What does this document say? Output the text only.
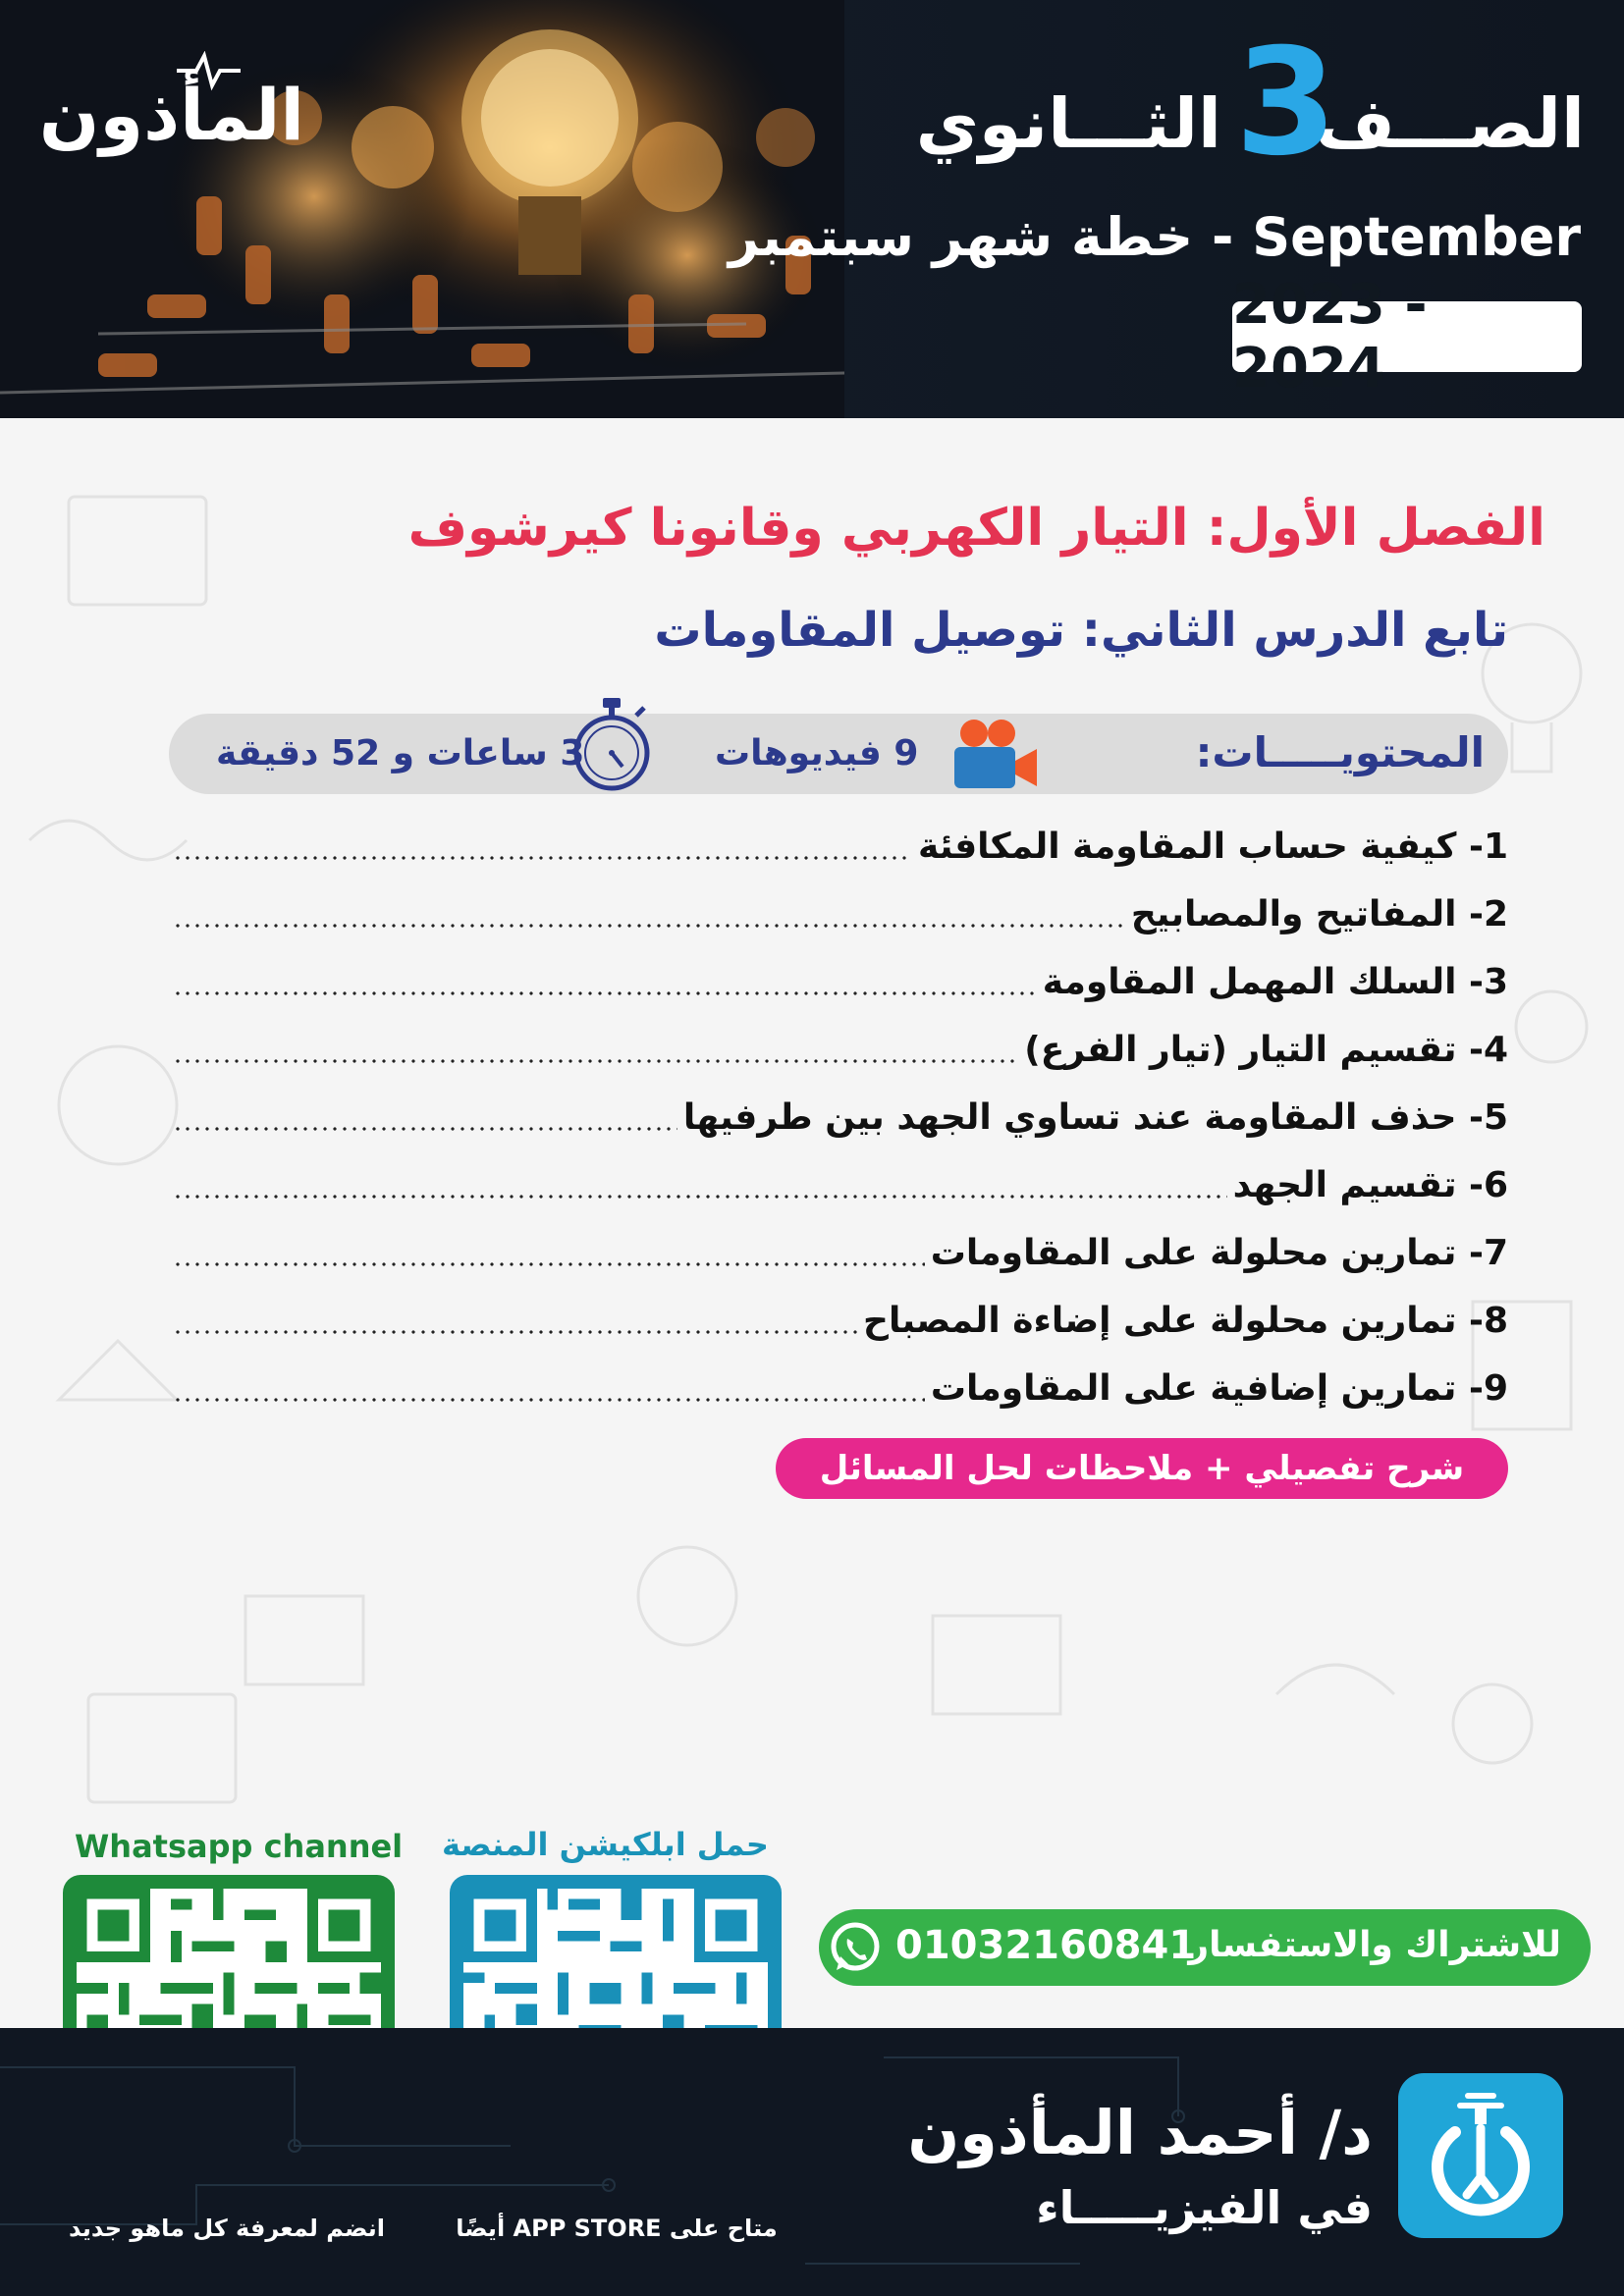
المأذون	الصـــف
3
الثـــانوي
خطة شهر سبتمبر - September
2023 - 2024
الفصل الأول: التيار الكهربي وقانونا كيرشوف
تابع الدرس الثاني: توصيل المقاومات
المحتويـــــات:
9 فيديوهات
3 ساعات و 52 دقيقة
1- كيفية حساب المقاومة المكافئة
2- المفاتيح والمصابيح
3- السلك المهمل المقاومة
4- تقسيم التيار (تيار الفرع)
5- حذف المقاومة عند تساوي الجهد بين طرفيها
6- تقسيم الجهد
7- تمارين محلولة على المقاومات
8- تمارين محلولة على إضاءة المصباح
9- تمارين إضافية على المقاومات
شرح تفصيلي + ملاحظات لحل المسائل
Whatsapp channel حمل ابلكيشن المنصة
للاشتراك والاستفسار
01032160841
انضم لمعرفة كل ماهو جديد	متاح على APP STORE أيضًا
د/ أحمد المأذون
في الفيزيـــــاء
